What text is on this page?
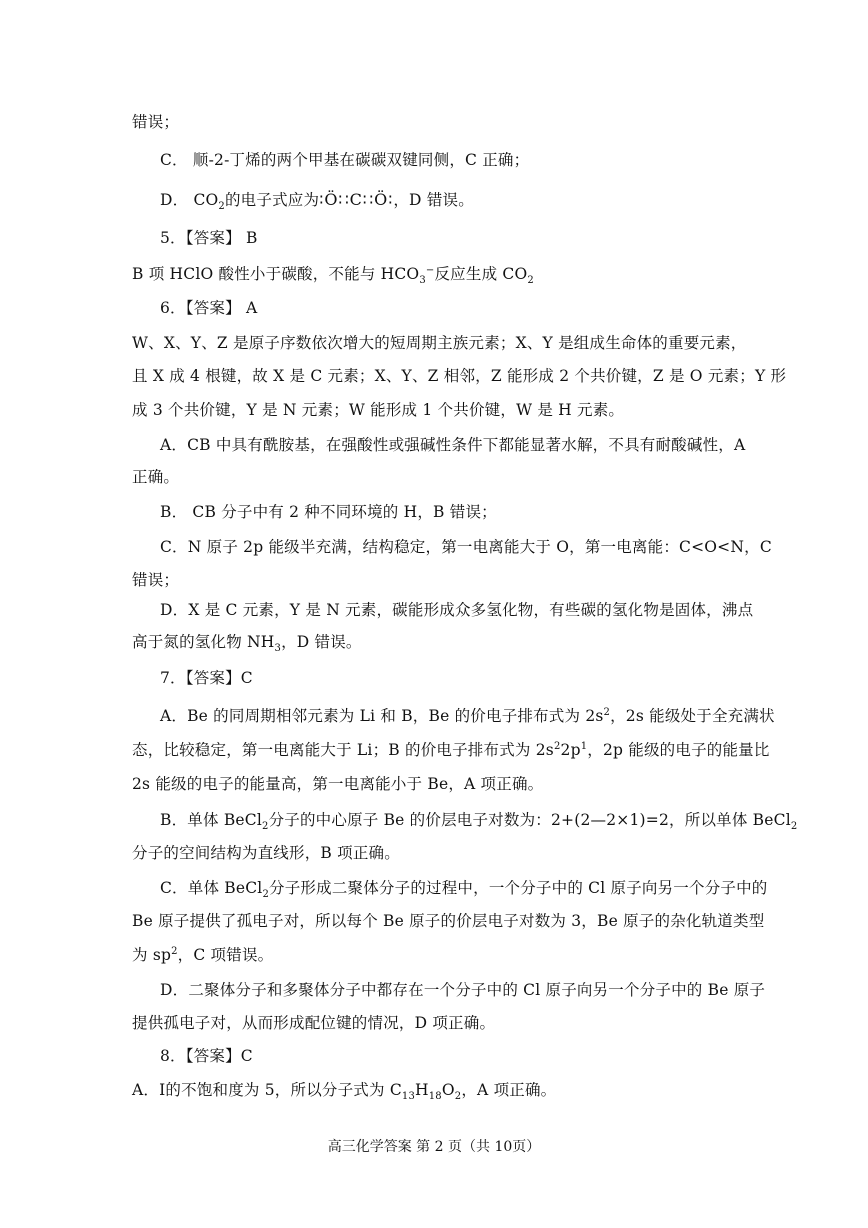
错误；
C． 顺-2-丁烯的两个甲基在碳碳双键同侧，C 正确；
D． $CO_2$的电子式应为∶Ö∷C∷Ö∶，D 错误。
5．【答案】 B
B 项 HClO 酸性小于碳酸，不能与 $HCO_3^-$反应生成 $CO_2$
6．【答案】 A
W、X、Y、Z 是原子序数依次增大的短周期主族元素；X、Y 是组成生命体的重要元素，
且 X 成 4 根键，故 X 是 C 元素；X、Y、Z 相邻，Z 能形成 2 个共价键，Z 是 O 元素；Y 形
成 3 个共价键，Y 是 N 元素；W 能形成 1 个共价键，W 是 H 元素。
A．CB 中具有酰胺基，在强酸性或强碱性条件下都能显著水解，不具有耐酸碱性，A
正确。
B． CB 分子中有 2 种不同环境的 H，B 错误；
C．N 原子 2p 能级半充满，结构稳定，第一电离能大于 O，第一电离能：C<O<N，C
错误；
D．X 是 C 元素，Y 是 N 元素，碳能形成众多氢化物，有些碳的氢化物是固体，沸点
高于氮的氢化物 $NH_3$，D 错误。
7．【答案】C
A．Be 的同周期相邻元素为 Li 和 B，Be 的价电子排布式为 $2s^2$，2s 能级处于全充满状
态，比较稳定，第一电离能大于 Li；B 的价电子排布式为 $2s^22p^1$，2p 能级的电子的能量比
2s 能级的电子的能量高，第一电离能小于 Be，A 项正确。
B．单体 BeCl$_2$分子的中心原子 Be 的价层电子对数为：2+(2—2×1)=2，所以单体 BeCl$_2$
分子的空间结构为直线形，B 项正确。
C．单体 BeCl$_2$分子形成二聚体分子的过程中，一个分子中的 Cl 原子向另一个分子中的
Be 原子提供了孤电子对，所以每个 Be 原子的价层电子对数为 3，Be 原子的杂化轨道类型
为 $sp^2$，C 项错误。
D．二聚体分子和多聚体分子中都存在一个分子中的 Cl 原子向另一个分子中的 Be 原子
提供孤电子对，从而形成配位键的情况，D 项正确。
8．【答案】C
A．I的不饱和度为 5，所以分子式为 $C_{13}H_{18}O_2$，A 项正确。
高三化学答案 第 2 页（共 10页）
